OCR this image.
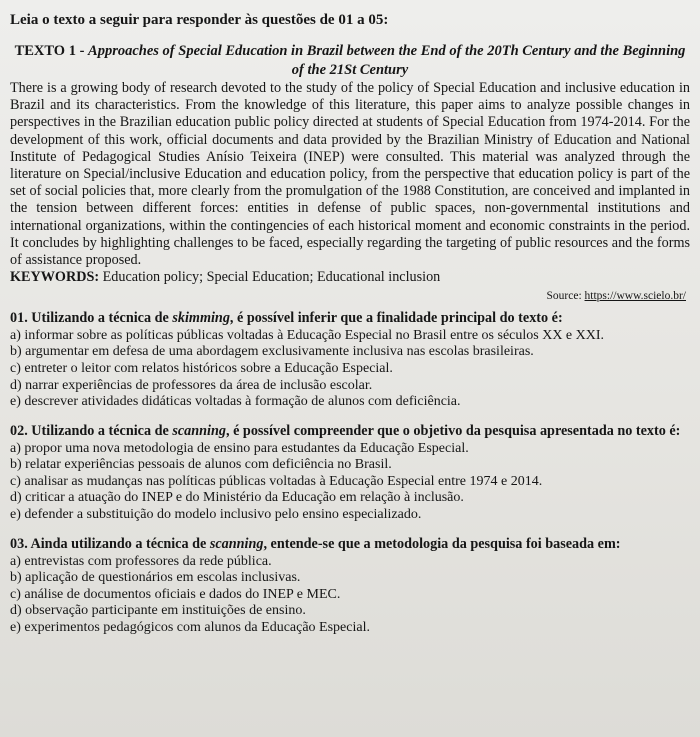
Leia o texto a seguir para responder às questões de 01 a 05:

TEXTO 1 - Approaches of Special Education in Brazil between the End of the 20Th Century and the Beginning of the 21St Century

There is a growing body of research devoted to the study of the policy of Special Education and inclusive education in Brazil and its characteristics. From the knowledge of this literature, this paper aims to analyze possible changes in perspectives in the Brazilian education public policy directed at students of Special Education from 1974-2014. For the development of this work, official documents and data provided by the Brazilian Ministry of Education and National Institute of Pedagogical Studies Anísio Teixeira (INEP) were consulted. This material was analyzed through the literature on Special/inclusive Education and education policy, from the perspective that education policy is part of the set of social policies that, more clearly from the promulgation of the 1988 Constitution, are conceived and implanted in the tension between different forces: entities in defense of public spaces, non-governmental institutions and international organizations, within the contingencies of each historical moment and economic constraints in the period. It concludes by highlighting challenges to be faced, especially regarding the targeting of public resources and the forms of assistance proposed.

KEYWORDS: Education policy; Special Education; Educational inclusion

Source: https://www.scielo.br/

01. Utilizando a técnica de skimming, é possível inferir que a finalidade principal do texto é:

a) informar sobre as políticas públicas voltadas à Educação Especial no Brasil entre os séculos XX e XXI.

b) argumentar em defesa de uma abordagem exclusivamente inclusiva nas escolas brasileiras.

c) entreter o leitor com relatos históricos sobre a Educação Especial.

d) narrar experiências de professores da área de inclusão escolar.

e) descrever atividades didáticas voltadas à formação de alunos com deficiência.

02. Utilizando a técnica de scanning, é possível compreender que o objetivo da pesquisa apresentada no texto é:

a) propor uma nova metodologia de ensino para estudantes da Educação Especial.

b) relatar experiências pessoais de alunos com deficiência no Brasil.

c) analisar as mudanças nas políticas públicas voltadas à Educação Especial entre 1974 e 2014.

d) criticar a atuação do INEP e do Ministério da Educação em relação à inclusão.

e) defender a substituição do modelo inclusivo pelo ensino especializado.

03. Ainda utilizando a técnica de scanning, entende-se que a metodologia da pesquisa foi baseada em:

a) entrevistas com professores da rede pública.

b) aplicação de questionários em escolas inclusivas.

c) análise de documentos oficiais e dados do INEP e MEC.

d) observação participante em instituições de ensino.

e) experimentos pedagógicos com alunos da Educação Especial.
